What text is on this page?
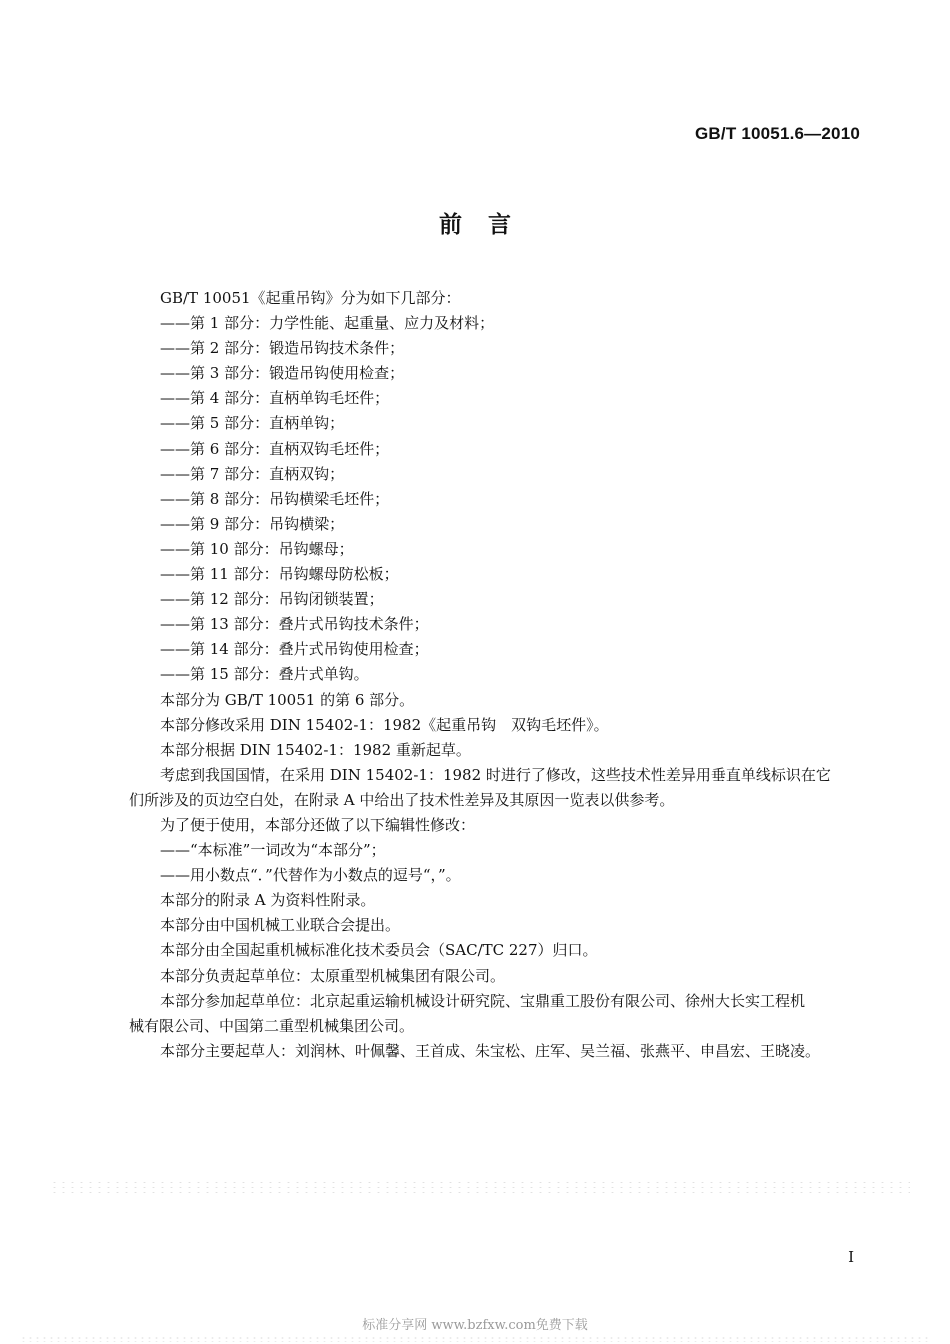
GB/T 10051.6—2010
前言

GB/T 10051《起重吊钩》分为如下几部分：

——第 1 部分：力学性能、起重量、应力及材料；

——第 2 部分：锻造吊钩技术条件；

——第 3 部分：锻造吊钩使用检查；

——第 4 部分：直柄单钩毛坯件；

——第 5 部分：直柄单钩；

——第 6 部分：直柄双钩毛坯件；

——第 7 部分：直柄双钩；

——第 8 部分：吊钩横梁毛坯件；

——第 9 部分：吊钩横梁；

——第 10 部分：吊钩螺母；

——第 11 部分：吊钩螺母防松板；

——第 12 部分：吊钩闭锁装置；

——第 13 部分：叠片式吊钩技术条件；

——第 14 部分：叠片式吊钩使用检查；

——第 15 部分：叠片式单钩。

本部分为 GB/T 10051 的第 6 部分。

本部分修改采用 DIN 15402-1：1982《起重吊钩　双钩毛坯件》。

本部分根据 DIN 15402-1：1982 重新起草。

考虑到我国国情，在采用 DIN 15402-1：1982 时进行了修改，这些技术性差异用垂直单线标识在它

们所涉及的页边空白处，在附录 A 中给出了技术性差异及其原因一览表以供参考。

为了便于使用，本部分还做了以下编辑性修改：

——“本标准”一词改为“本部分”；

——用小数点“．”代替作为小数点的逗号“，”。

本部分的附录 A 为资料性附录。

本部分由中国机械工业联合会提出。

本部分由全国起重机械标准化技术委员会（SAC/TC 227）归口。

本部分负责起草单位：太原重型机械集团有限公司。

本部分参加起草单位：北京起重运输机械设计研究院、宝鼎重工股份有限公司、徐州大长实工程机

械有限公司、中国第二重型机械集团公司。

本部分主要起草人：刘润林、叶佩馨、王首成、朱宝松、庄军、吴兰福、张燕平、申昌宏、王晓凌。

I
标准分享网 www.bzfxw.com免费下载
